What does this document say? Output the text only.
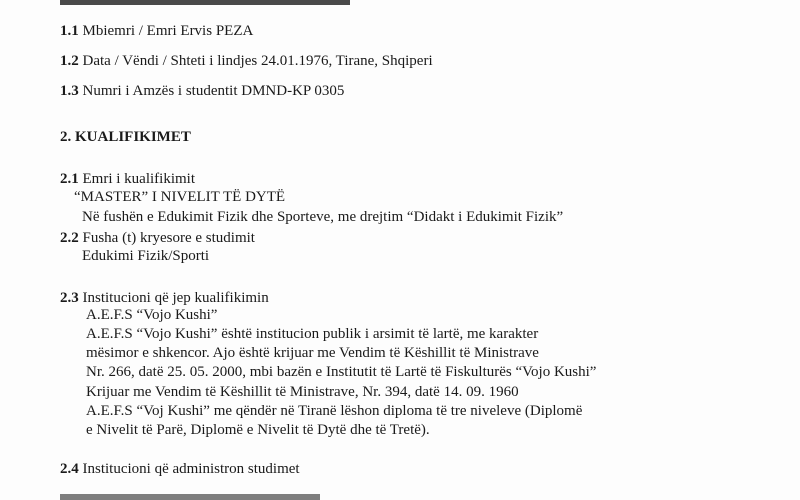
1.1 Mbiemri / Emri Ervis PEZA
1.2 Data / Vëndi / Shteti i lindjes 24.01.1976, Tirane, Shqiperi
1.3 Numri i Amzës i studentit DMND-KP 0305
2. KUALIFIKIMET
2.1 Emri i kualifikimit
“MASTER” I NIVELIT TË DYTË
Në fushën e Edukimit Fizik dhe Sporteve, me drejtim “Didakt i Edukimit Fizik”
2.2 Fusha (t) kryesore e studimit
Edukimi Fizik/Sporti
2.3 Institucioni që jep kualifikimin
A.E.F.S “Vojo Kushi”
A.E.F.S “Vojo Kushi” është institucion publik i arsimit të lartë, me karakter
mësimor e shkencor. Ajo është krijuar me Vendim të Këshillit të Ministrave
Nr. 266, datë 25. 05. 2000, mbi bazën e Institutit të Lartë të Fiskulturës “Vojo Kushi”
Krijuar me Vendim të Këshillit të Ministrave, Nr. 394, datë 14. 09. 1960
A.E.F.S “Voj Kushi” me qëndër në Tiranë lëshon diploma të tre niveleve (Diplomë
e Nivelit të Parë, Diplomë e Nivelit të Dytë dhe të Tretë).
2.4 Institucioni që administron studimet
